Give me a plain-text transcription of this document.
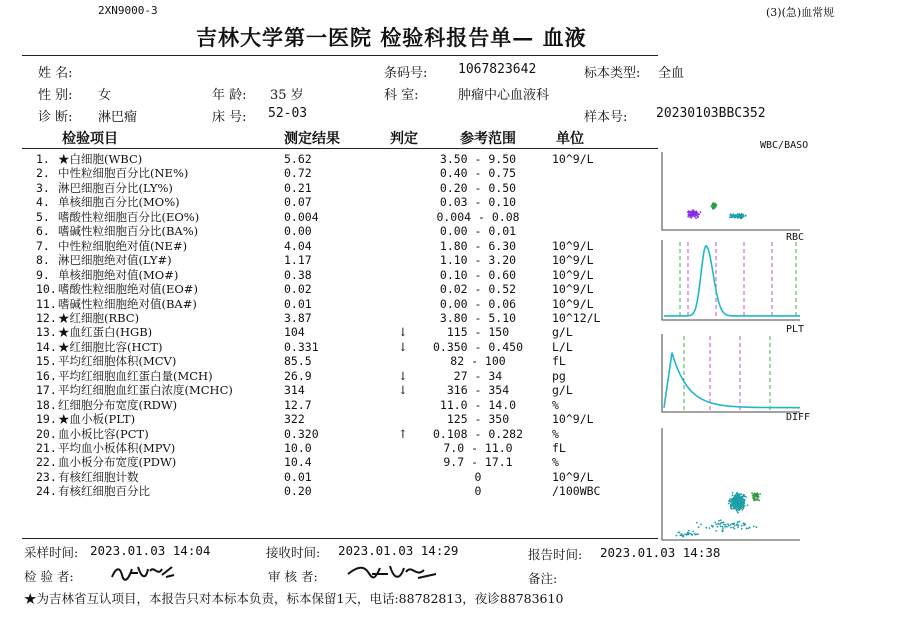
2XN9000-3	(3)(急)血常规
吉林大学第一医院 检验科报告单— 血液
姓 名:
性 别: 女	年 龄: 35 岁
诊 断: 淋巴瘤	床 号: 52-03
条码号: 1067823642
科 室:	肿瘤中心血液科
标本类型: 全血
样本号: 20230103BBC352
检验项目	测定结果	判定	参考范围	单位
1. ★白细胞(WBC)	5.62	3.50 - 9.50	10^9/L
2. 中性粒细胞百分比(NE%)	0.72	0.40 - 0.75
3. 淋巴细胞百分比(LY%)	0.21	0.20 - 0.50
4. 单核细胞百分比(MO%)	0.07	0.03 - 0.10
5. 嗜酸性粒细胞百分比(EO%)	0.004	0.004 - 0.08
6. 嗜碱性粒细胞百分比(BA%)	0.00	0.00 - 0.01
7. 中性粒细胞绝对值(NE#)	4.04	1.80 - 6.30	10^9/L
8. 淋巴细胞绝对值(LY#)	1.17	1.10 - 3.20	10^9/L
9. 单核细胞绝对值(MO#)	0.38	0.10 - 0.60	10^9/L
10. 嗜酸性粒细胞绝对值(EO#)	0.02	0.02 - 0.52	10^9/L
11. 嗜碱性粒细胞绝对值(BA#)	0.01	0.00 - 0.06	10^9/L
12. ★红细胞(RBC)	3.87	3.80 - 5.10	10^12/L
13. ★血红蛋白(HGB)	104	↓	115 - 150	g/L
14. ★红细胞比容(HCT)	0.331	↓ 0.350 - 0.450	L/L
15. 平均红细胞体积(MCV)	85.5	82 - 100	fL
16. 平均红细胞血红蛋白量(MCH)	26.9	↓	27 - 34	pg
17. 平均红细胞血红蛋白浓度(MCHC)	314	↓	316 - 354	g/L
18. 红细胞分布宽度(RDW)	12.7	11.0 - 14.0	%
19. ★血小板(PLT)	322	125 - 350	10^9/L
20. 血小板比容(PCT)	0.320	↑ 0.108 - 0.282	%
21. 平均血小板体积(MPV)	10.0	7.0 - 11.0	fL
22. 血小板分布宽度(PDW)	10.4	9.7 - 17.1	%
23. 有核红细胞计数	0.01	0	10^9/L
24. 有核红细胞百分比	0.20	0	/100WBC
WBC/BASO
RBC
PLT
DIFF
采样时间: 2023.01.03 14:04	接收时间: 2023.01.03 14:29	报告时间: 2023.01.03 14:38
检 验 者:	审 核 者:	备注:
★为吉林省互认项目，本报告只对本标本负责，标本保留1天，电话:88782813，夜诊88783610
